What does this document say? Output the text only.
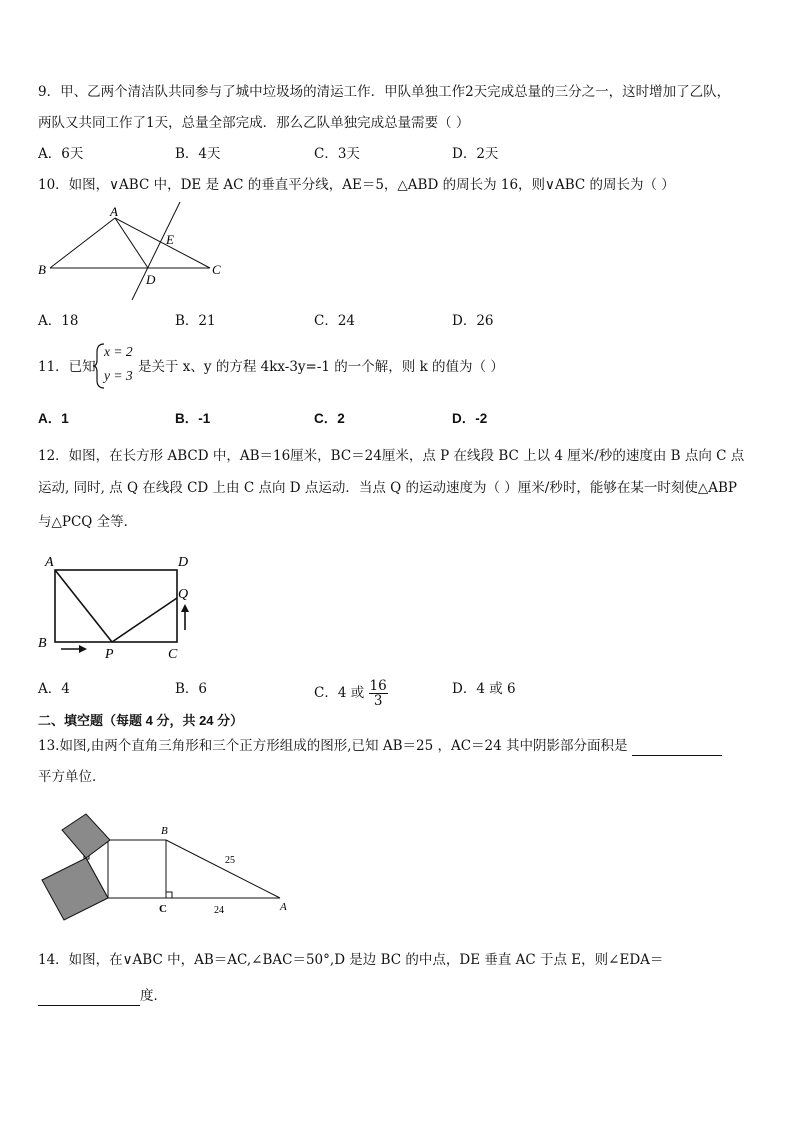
9．甲、乙两个清洁队共同参与了城中垃圾场的清运工作．甲队单独工作2天完成总量的三分之一，这时增加了乙队，
两队又共同工作了1天，总量全部完成．那么乙队单独完成总量需要（ ）
A．6天	B．4天	C．3天	D．2天
10．如图，∨ABC 中，DE 是 AC 的垂直平分线，AE＝5，△ABD 的周长为 16，则∨ABC 的周长为（ ）
A
E
B
D
C
A．18	B．21	C．24	D．26
11．已知
x = 2
y = 3
是关于 x、y 的方程 4kx-3y=-1 的一个解，则 k 的值为（ ）
A．1	B．-1	C．2	D．-2
12．如图，在长方形 ABCD 中，AB＝16厘米，BC＝24厘米，点 P 在线段 BC 上以 4 厘米/秒的速度由 B 点向 C 点
运动, 同时, 点 Q 在线段 CD 上由 C 点向 D 点运动．当点 Q 的运动速度为（ ）厘米/秒时，能够在某一时刻使△ABP
与△PCQ 全等．
A	D
Q
B
P	C
A．4	B．6	C．4 或 $\frac{16}{3}$	D．4 或 6
二、填空题（每题 4 分，共 24 分）
13.如图,由两个直角三角形和三个正方形组成的图形,已知 AB＝25 ，AC＝24 其中阴影部分面积是
平方单位．
B
25
C	24	A
14．如图，在∨ABC 中，AB＝AC,∠BAC＝50°,D 是边 BC 的中点，DE 垂直 AC 于点 E，则∠EDA＝
度．
